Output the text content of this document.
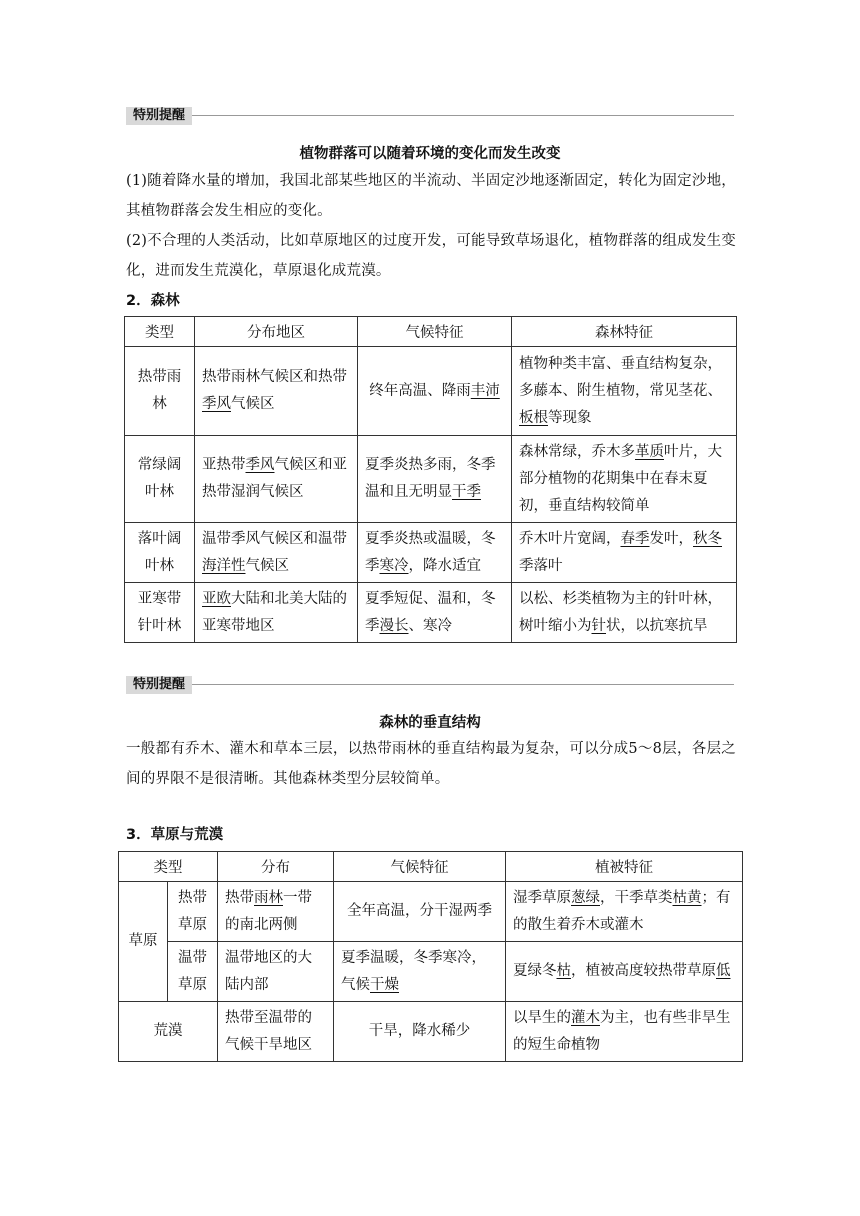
特别提醒
植物群落可以随着环境的变化而发生改变
(1)随着降水量的增加，我国北部某些地区的半流动、半固定沙地逐渐固定，转化为固定沙地，其植物群落会发生相应的变化。
(2)不合理的人类活动，比如草原地区的过度开发，可能导致草场退化，植物群落的组成发生变化，进而发生荒漠化，草原退化成荒漠。
2．森林
类型	分布地区	气候特征	森林特征
热带雨林	热带雨林气候区和热带季风气候区	终年高温、降雨丰沛	植物种类丰富、垂直结构复杂，多藤本、附生植物，常见茎花、板根等现象
常绿阔叶林	亚热带季风气候区和亚热带湿润气候区	夏季炎热多雨，冬季温和且无明显干季	森林常绿，乔木多革质叶片，大部分植物的花期集中在春末夏初，垂直结构较简单
落叶阔叶林	温带季风气候区和温带海洋性气候区	夏季炎热或温暖，冬季寒冷，降水适宜	乔木叶片宽阔，春季发叶，秋冬季落叶
亚寒带针叶林	亚欧大陆和北美大陆的亚寒带地区	夏季短促、温和，冬季漫长、寒冷	以松、杉类植物为主的针叶林，树叶缩小为针状，以抗寒抗旱
特别提醒
森林的垂直结构
一般都有乔木、灌木和草本三层，以热带雨林的垂直结构最为复杂，可以分成5～8层，各层之间的界限不是很清晰。其他森林类型分层较简单。
3．草原与荒漠
类型		分布	气候特征	植被特征
草原	热带草原	热带雨林一带的南北两侧	全年高温，分干湿两季	湿季草原葱绿，干季草类枯黄；有的散生着乔木或灌木
	温带草原	温带地区的大陆内部	夏季温暖，冬季寒冷，气候干燥	夏绿冬枯，植被高度较热带草原低
荒漠		热带至温带的气候干旱地区	干旱，降水稀少	以旱生的灌木为主，也有些非旱生的短生命植物
